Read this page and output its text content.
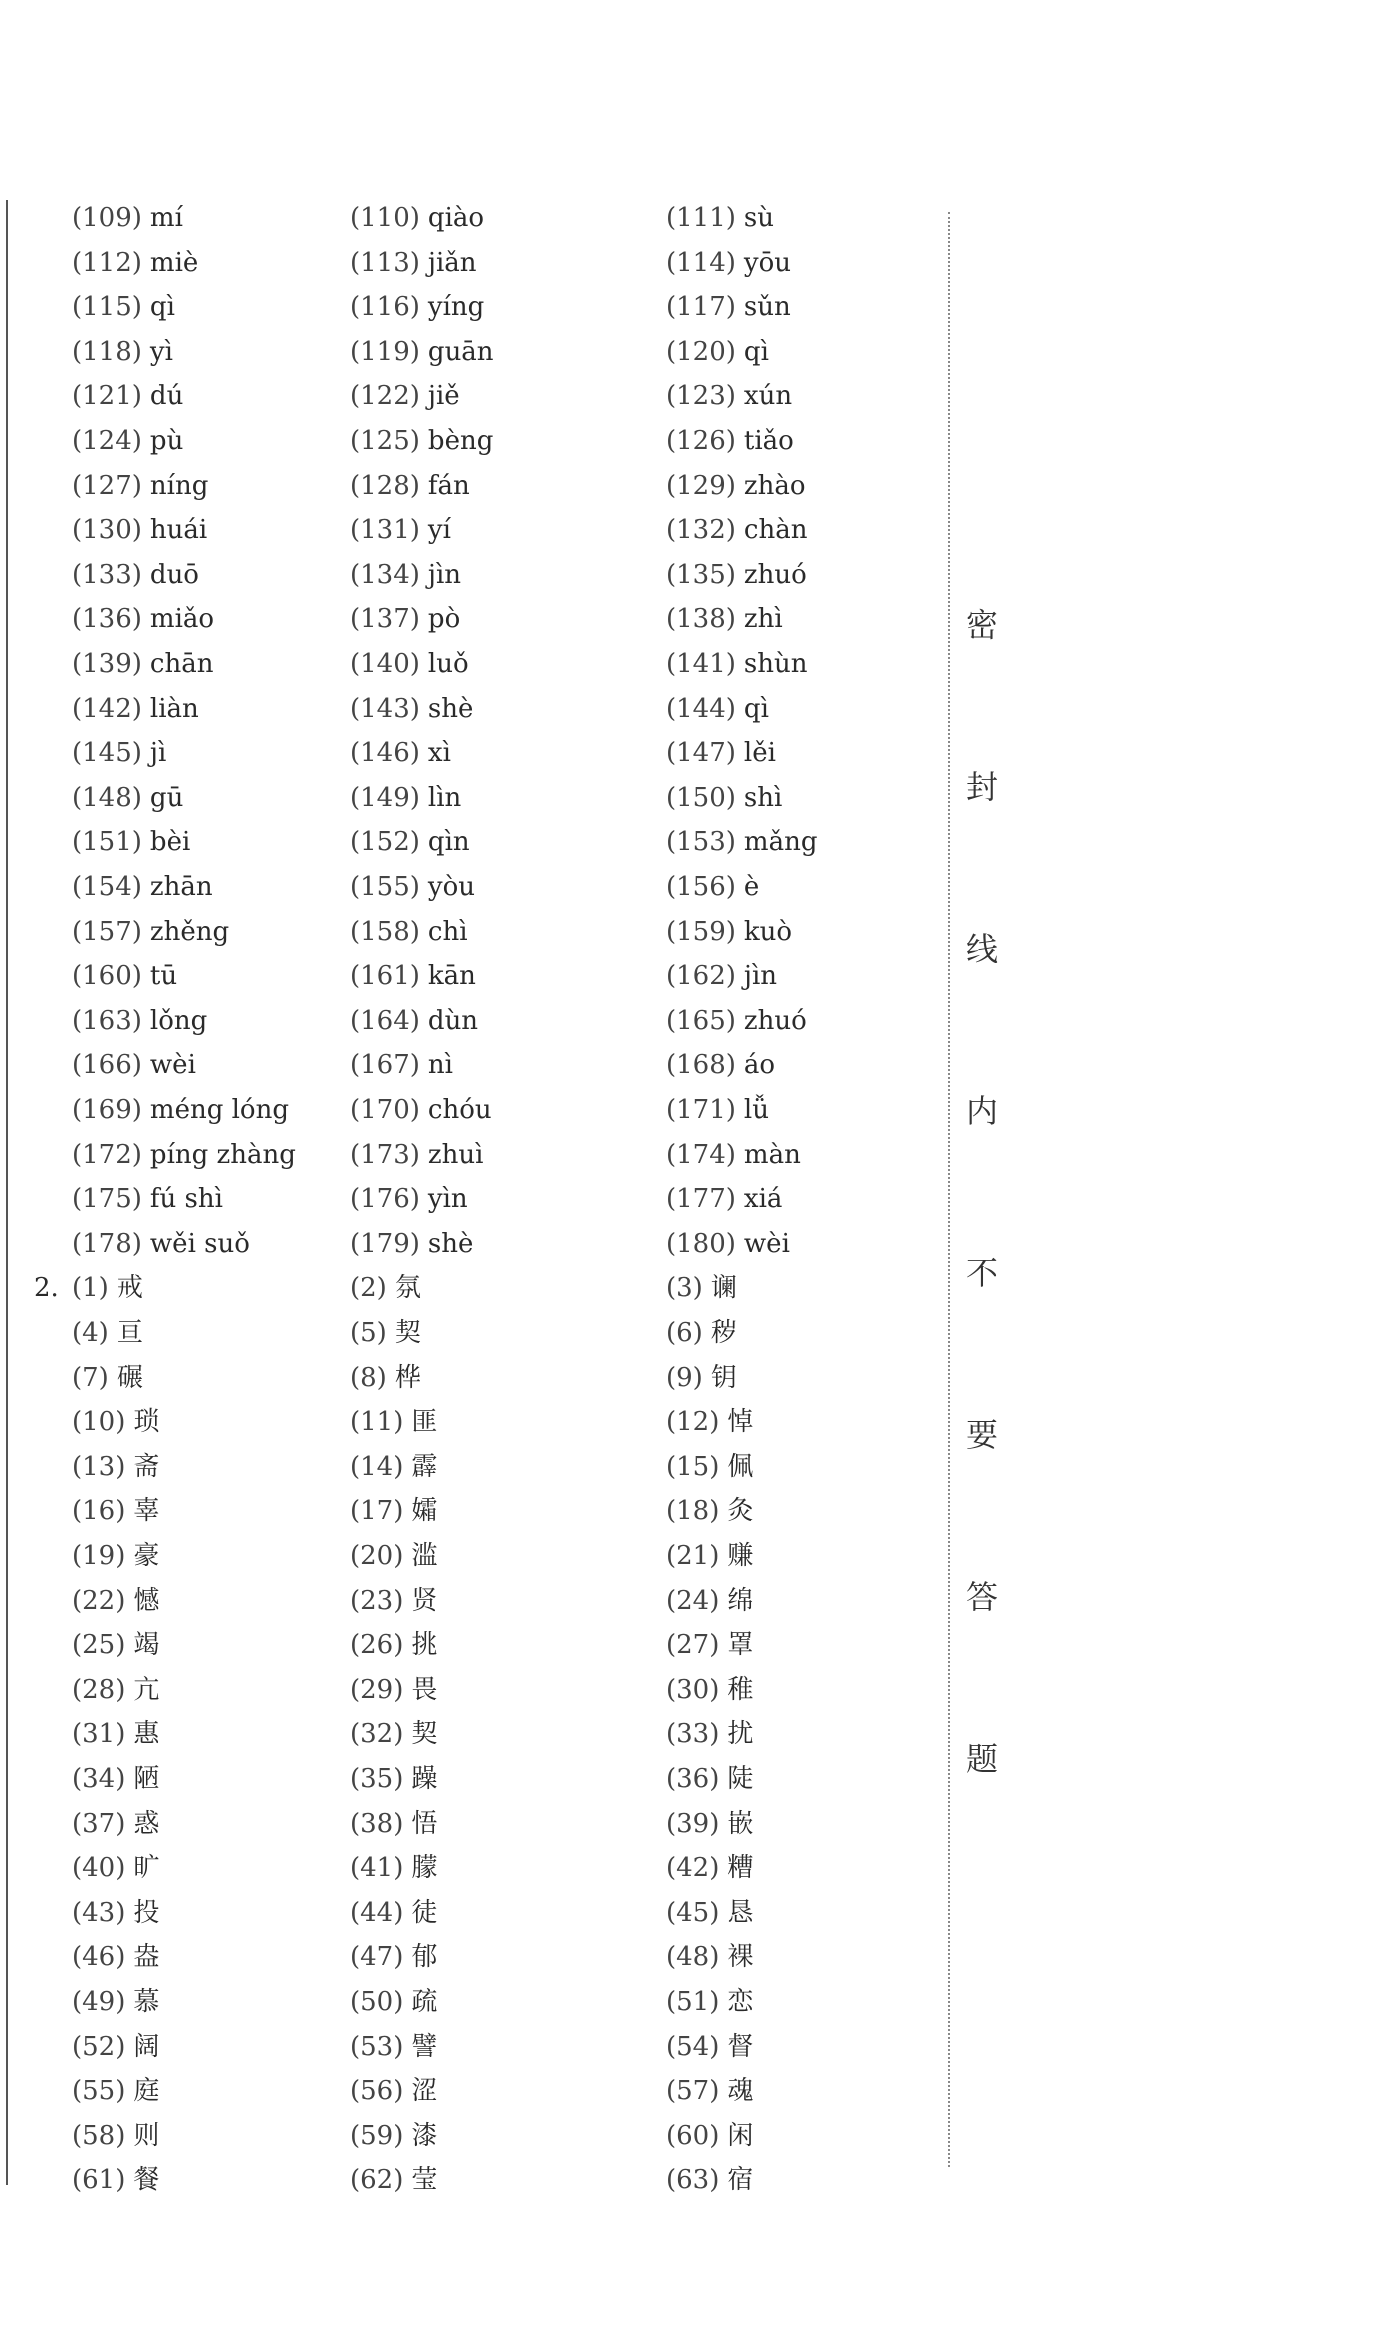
(109) mí	(110) qiào	(111) sù
(112) miè	(113) jiǎn	(114) yōu
(115) qì	(116) yíng	(117) sǔn
(118) yì	(119) guān	(120) qì
(121) dú	(122) jiě	(123) xún
(124) pù	(125) bèng	(126) tiǎo
(127) níng	(128) fán	(129) zhào
(130) huái	(131) yí	(132) chàn
(133) duō	(134) jìn	(135) zhuó
(136) miǎo	(137) pò	(138) zhì
(139) chān	(140) luǒ	(141) shùn
(142) liàn	(143) shè	(144) qì
(145) jì	(146) xì	(147) lěi
(148) gū	(149) lìn	(150) shì
(151) bèi	(152) qìn	(153) mǎng
(154) zhān	(155) yòu	(156) è
(157) zhěng	(158) chì	(159) kuò
(160) tū	(161) kān	(162) jìn
(163) lǒng	(164) dùn	(165) zhuó
(166) wèi	(167) nì	(168) áo
(169) méng lóng (170) chóu	(171) lǚ
(172) píng zhàng (173) zhuì	(174) màn
(175) fú shì	(176) yìn	(177) xiá
(178) wěi suǒ	(179) shè	(180) wèi
2. (1) 戒	(2) 氛	(3) 谰
(4) 亘	(5) 契	(6) 秽
(7) 碾	(8) 桦	(9) 钥
(10) 琐	(11) 匪	(12) 悼
(13) 斋	(14) 霹	(15) 佩
(16) 辜	(17) 孀	(18) 灸
(19) 豪	(20) 滥	(21) 赚
(22) 憾	(23) 贤	(24) 绵
(25) 竭	(26) 挑	(27) 罩
(28) 亢	(29) 畏	(30) 稚
(31) 惠	(32) 契	(33) 扰
(34) 陋	(35) 躁	(36) 陡
(37) 惑	(38) 悟	(39) 嵌
(40) 旷	(41) 朦	(42) 糟
(43) 投	(44) 徒	(45) 恳
(46) 盎	(47) 郁	(48) 裸
(49) 慕	(50) 疏	(51) 恋
(52) 阔	(53) 譬	(54) 督
(55) 庭	(56) 涩	(57) 魂
(58) 则	(59) 漆	(60) 闲
(61) 餐	(62) 莹	(63) 宿
密
封
线
内
不
要
答
题
